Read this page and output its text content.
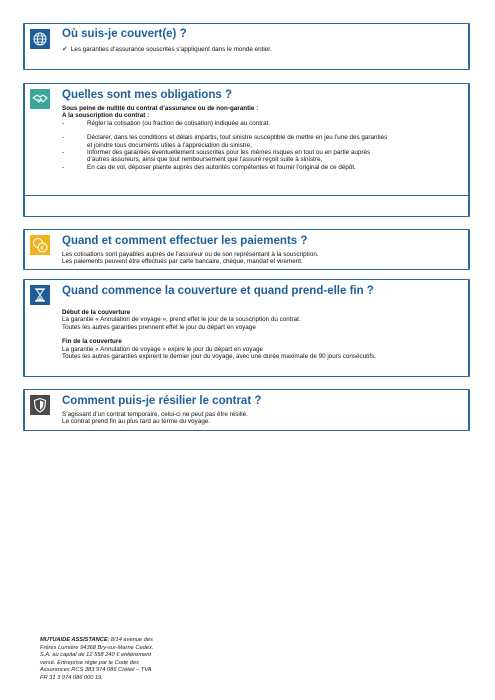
Où suis-je couvert(e) ?
✔ Les garanties d’assurance souscrites s’appliquent dans le monde entier.
Quelles sont mes obligations ?
Sous peine de nullité du contrat d’assurance ou de non-garantie :
A la souscription du contrat :
-	Régler la cotisation (ou fraction de cotisation) indiquée au contrat.
-	Déclarer, dans les conditions et délais impartis, tout sinistre susceptible de mettre en jeu l’une des garanties
et joindre tous documents utiles à l’appréciation du sinistre,
-	Informer des garanties éventuellement souscrites pour les mêmes risques en tout ou en partie auprès
d’autres assureurs, ainsi que tout remboursement que l’assuré reçoit suite à sinistre,
-	En cas de vol, déposer plainte auprès des autorités compétentes et fournir l’original de ce dépôt.
€
Quand et comment effectuer les paiements ?
Les cotisations sont payables auprès de l’assureur ou de son représentant à la souscription.
Les paiements peuvent être effectués par carte bancaire, chèque, mandat et virement.
Quand commence la couverture et quand prend-elle fin ?
Début de la couverture
La garantie « Annulation de voyage », prend effet le jour de la souscription du contrat.
Toutes les autres garanties prennent effet le jour du départ en voyage
Fin de la couverture
La garantie « Annulation de voyage » expire le jour du départ en voyage
Toutes les autres garanties expirent le dernier jour du voyage, avec une durée maximale de 90 jours consécutifs.
Comment puis-je résilier le contrat ?
S’agissant d’un contrat temporaire, celui-ci ne peut pas être résilié.
Le contrat prend fin au plus tard au terme du voyage.
MUTUAIDE ASSISTANCE, 8/14 avenue des
Frères Lumière 94368 Bry-sur-Marne Cedex.
S.A. au capital de 12 558 240 € entièrement
versé. Entreprise régie par le Code des
Assurances RCS 383 974 086 Créteil – TVA
FR 31 3 974 086 000 19.
